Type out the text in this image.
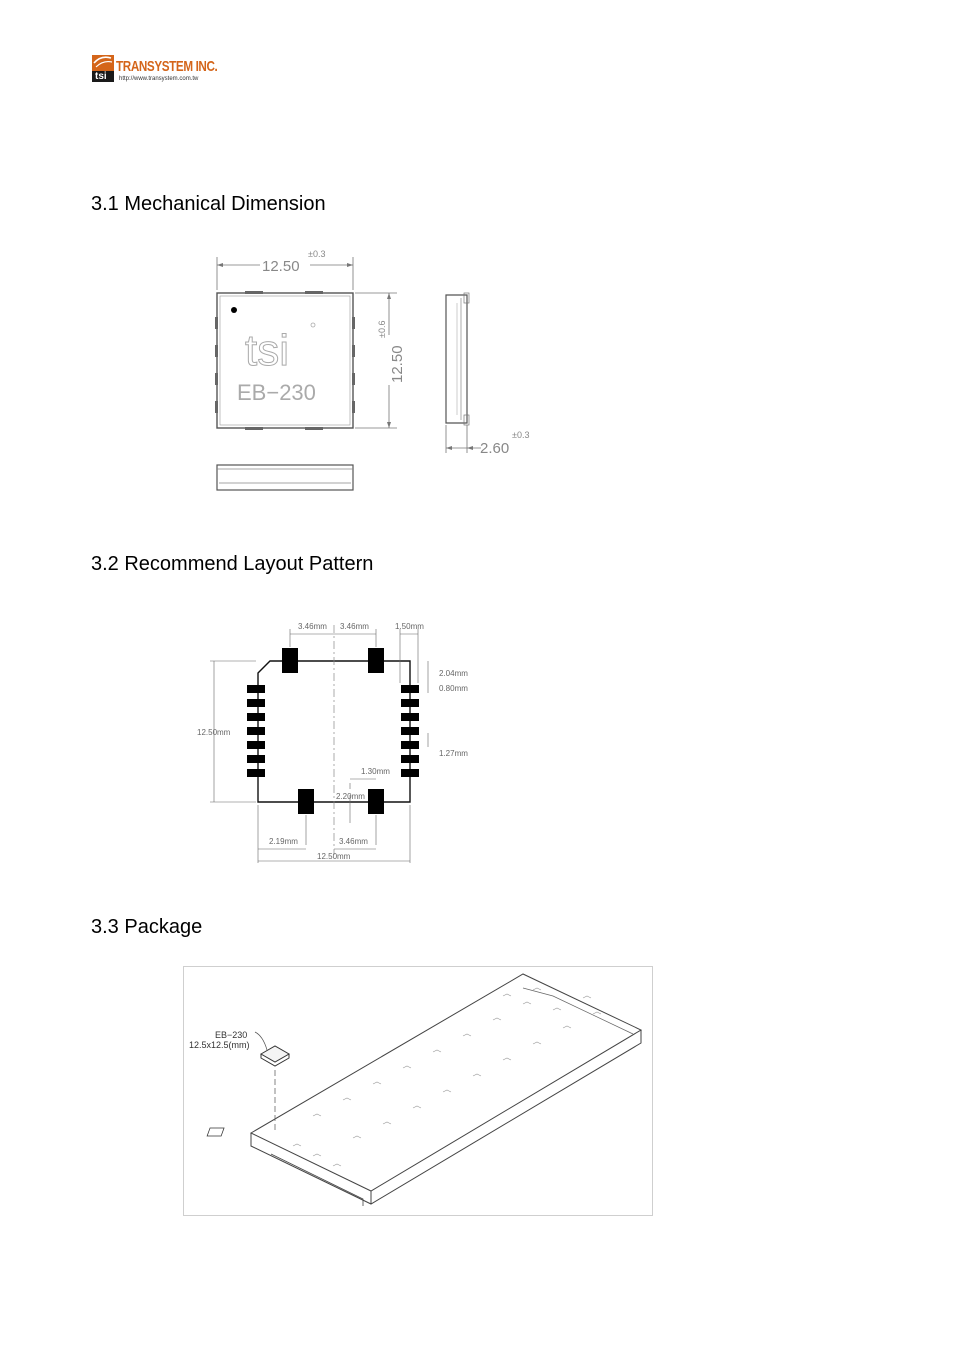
tsi
TRANSYSTEM INC.
http://www.transystem.com.tw
3.1 Mechanical Dimension
3.2 Recommend Layout Pattern
3.3 Package
12.50
±0.3
tsi
EB−230
12.50
±0.6
2.60
±0.3
3.46mm 3.46mm	1.50mm
2.04mm
0.80mm
1.27mm
12.50mm
1.30mm
2.20mm
2.19mm	3.46mm
12.50mm
EB−230
12.5x12.5(mm)
